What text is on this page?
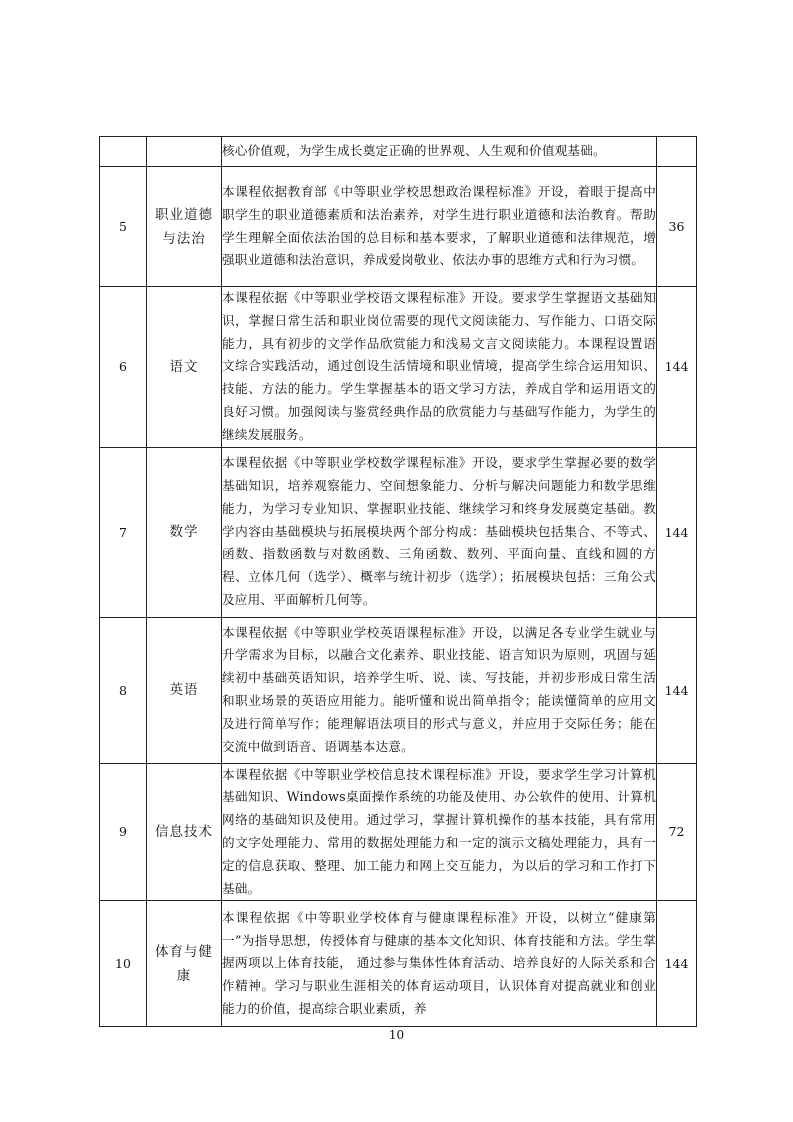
		核心价值观，为学生成长奠定正确的世界观、人生观和价值观基础。	
5	职业道德与法治	本课程依据教育部《中等职业学校思想政治课程标准》开设，着眼于提高中职学生的职业道德素质和法治素养，对学生进行职业道德和法治教育。帮助学生理解全面依法治国的总目标和基本要求，了解职业道德和法律规范，增强职业道德和法治意识，养成爱岗敬业、依法办事的思维方式和行为习惯。	36
6	语文	本课程依据《中等职业学校语文课程标准》开设。要求学生掌握语文基础知识，掌握日常生活和职业岗位需要的现代文阅读能力、写作能力、口语交际能力，具有初步的文学作品欣赏能力和浅易文言文阅读能力。本课程设置语文综合实践活动，通过创设生活情境和职业情境，提高学生综合运用知识、技能、方法的能力。学生掌握基本的语文学习方法，养成自学和运用语文的良好习惯。加强阅读与鉴赏经典作品的欣赏能力与基础写作能力，为学生的继续发展服务。	144
7	数学	本课程依据《中等职业学校数学课程标准》开设，要求学生掌握必要的数学基础知识，培养观察能力、空间想象能力、分析与解决问题能力和数学思维能力，为学习专业知识、掌握职业技能、继续学习和终身发展奠定基础。教学内容由基础模块与拓展模块两个部分构成：基础模块包括集合、不等式、函数、指数函数与对数函数、三角函数、数列、平面向量、直线和圆的方程、立体几何（选学）、概率与统计初步（选学）；拓展模块包括：三角公式及应用、平面解析几何等。	144
8	英语	本课程依据《中等职业学校英语课程标准》开设，以满足各专业学生就业与升学需求为目标，以融合文化素养、职业技能、语言知识为原则，巩固与延续初中基础英语知识，培养学生听、说、读、写技能，并初步形成日常生活和职业场景的英语应用能力。能听懂和说出简单指令；能读懂简单的应用文及进行简单写作；能理解语法项目的形式与意义，并应用于交际任务；能在交流中做到语音、语调基本达意。	144
9	信息技术	本课程依据《中等职业学校信息技术课程标准》开设，要求学生学习计算机基础知识、Windows桌面操作系统的功能及使用、办公软件的使用、计算机网络的基础知识及使用。通过学习，掌握计算机操作的基本技能，具有常用的文字处理能力、常用的数据处理能力和一定的演示文稿处理能力，具有一定的信息获取、整理、加工能力和网上交互能力，为以后的学习和工作打下基础。	72
10	体育与健康	本课程依据《中等职业学校体育与健康课程标准》开设，以树立“健康第一”为指导思想，传授体育与健康的基本文化知识、体育技能和方法。学生掌握两项以上体育技能， 通过参与集体性体育活动、培养良好的人际关系和合作精神。学习与职业生涯相关的体育运动项目，认识体育对提高就业和创业能力的价值，提高综合职业素质，养	144
10
